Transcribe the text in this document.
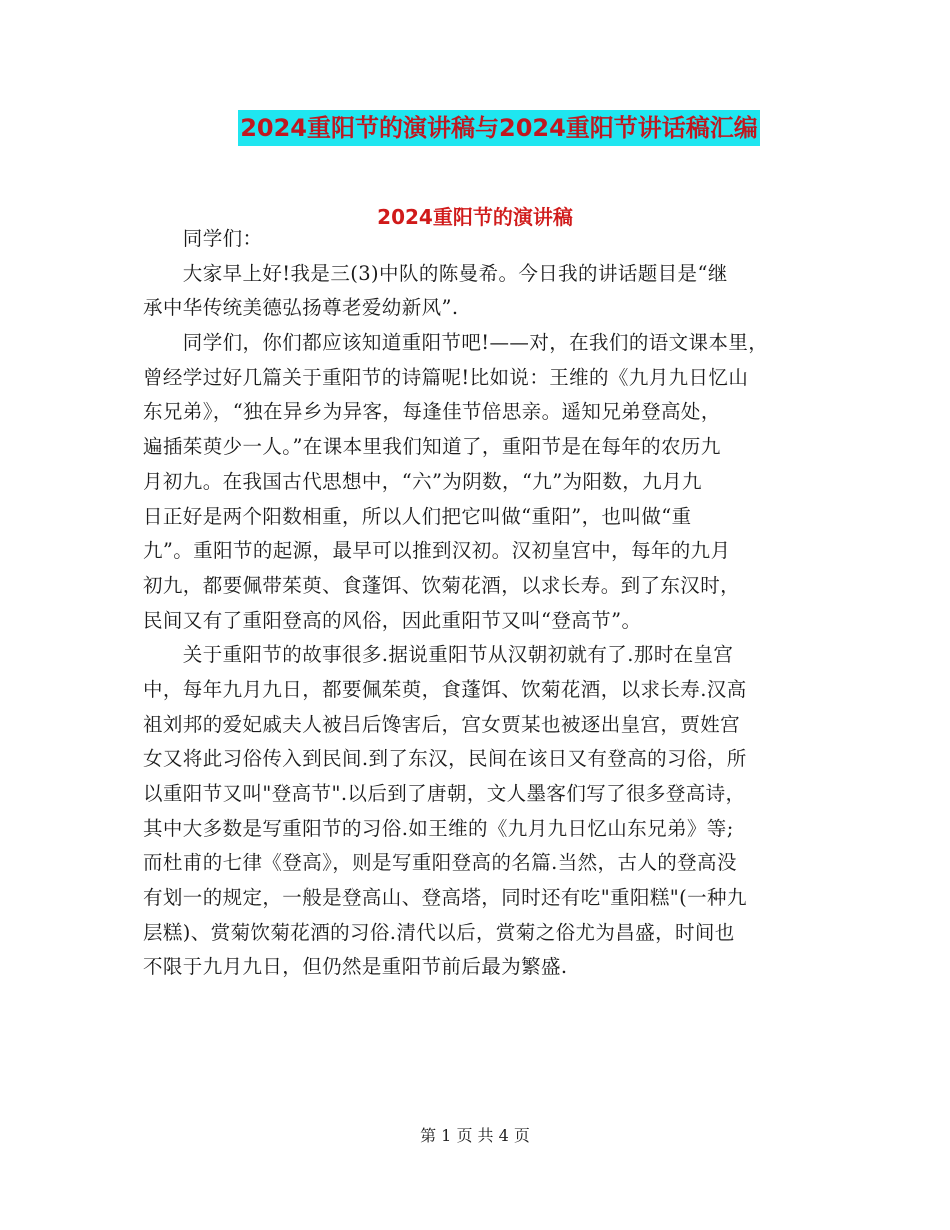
2024重阳节的演讲稿与2024重阳节讲话稿汇编
2024重阳节的演讲稿
　　同学们：
　　大家早上好!我是三(3)中队的陈曼希。今日我的讲话题目是“继
承中华传统美德弘扬尊老爱幼新风”.
　　同学们，你们都应该知道重阳节吧!——对，在我们的语文课本里，
曾经学过好几篇关于重阳节的诗篇呢!比如说：王维的《九月九日忆山
东兄弟》，“独在异乡为异客，每逢佳节倍思亲。遥知兄弟登高处，
遍插茱萸少一人。”在课本里我们知道了，重阳节是在每年的农历九
月初九。在我国古代思想中，“六”为阴数，“九”为阳数，九月九
日正好是两个阳数相重，所以人们把它叫做“重阳”，也叫做“重
九”。重阳节的起源，最早可以推到汉初。汉初皇宫中，每年的九月
初九，都要佩带茱萸、食蓬饵、饮菊花酒，以求长寿。到了东汉时，
民间又有了重阳登高的风俗，因此重阳节又叫“登高节”。
　　关于重阳节的故事很多.据说重阳节从汉朝初就有了.那时在皇宫
中，每年九月九日，都要佩茱萸，食蓬饵、饮菊花酒，以求长寿.汉高
祖刘邦的爱妃戚夫人被吕后馋害后，宫女贾某也被逐出皇宫，贾姓宫
女又将此习俗传入到民间.到了东汉，民间在该日又有登高的习俗，所
以重阳节又叫"登高节".以后到了唐朝，文人墨客们写了很多登高诗，
其中大多数是写重阳节的习俗.如王维的《九月九日忆山东兄弟》等;
而杜甫的七律《登高》，则是写重阳登高的名篇.当然，古人的登高没
有划一的规定，一般是登高山、登高塔，同时还有吃"重阳糕"(一种九
层糕)、赏菊饮菊花酒的习俗.清代以后，赏菊之俗尤为昌盛，时间也
不限于九月九日，但仍然是重阳节前后最为繁盛.
第 1 页 共 4 页
